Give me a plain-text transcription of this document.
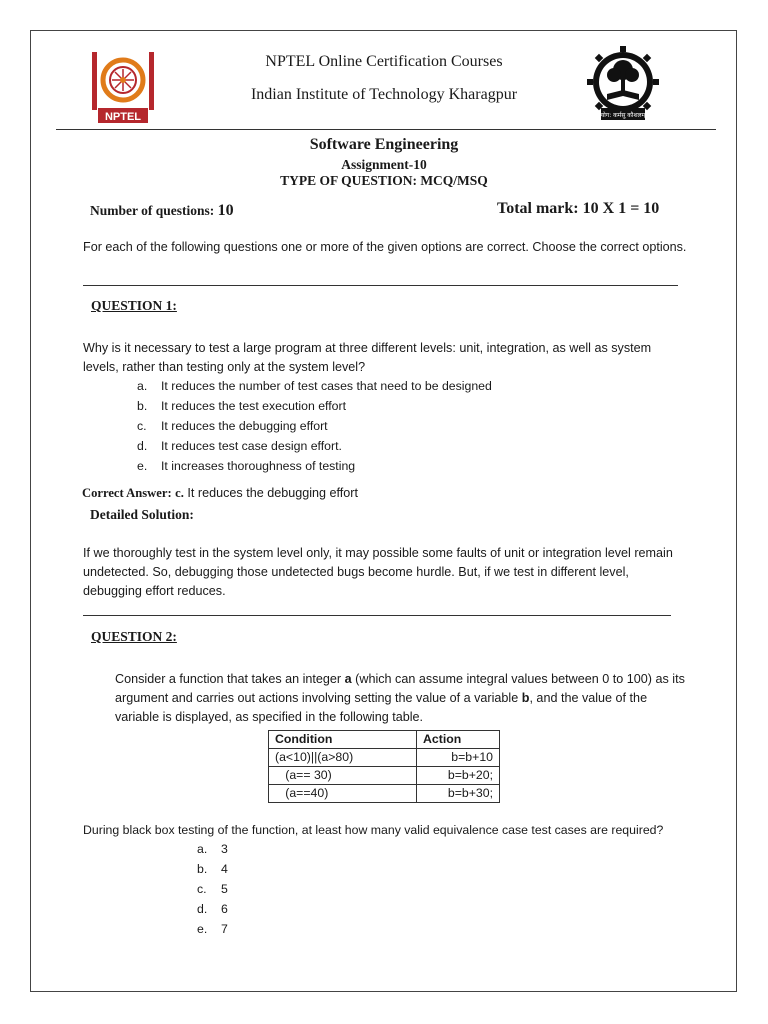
NPTEL	योग: कर्मसु कौशलम्
NPTEL Online Certification Courses
Indian Institute of Technology Kharagpur
Software Engineering
Assignment-10
TYPE OF QUESTION: MCQ/MSQ
Number of questions: 10	Total mark: 10 X 1 = 10
For each of the following questions one or more of the given options are correct. Choose the correct options.
QUESTION 1:
Why is it necessary to test a large program at three different levels: unit, integration, as well as system levels, rather than testing only at the system level?
a.	It reduces the number of test cases that need to be designed
b.	It reduces the test execution effort
c.	It reduces the debugging effort
d.	It reduces test case design effort.
e.	It increases thoroughness of testing
Correct Answer: c. It reduces the debugging effort
Detailed Solution:
If we thoroughly test in the system level only, it may possible some faults of unit or integration level remain undetected. So, debugging those undetected bugs become hurdle. But, if we test in different level, debugging effort reduces.
QUESTION 2:
Consider a function that takes an integer a (which can assume integral values between 0 to 100) as its argument and carries out actions involving setting the value of a variable b, and the value of the variable is displayed, as specified in the following table.
Condition	Action
(a<10)||(a>80)	b=b+10
(a== 30)	b=b+20;
(a==40)	b=b+30;
During black box testing of the function, at least how many valid equivalence case test cases are required?
a.	3
b.	4
c.	5
d.	6
e.	7
